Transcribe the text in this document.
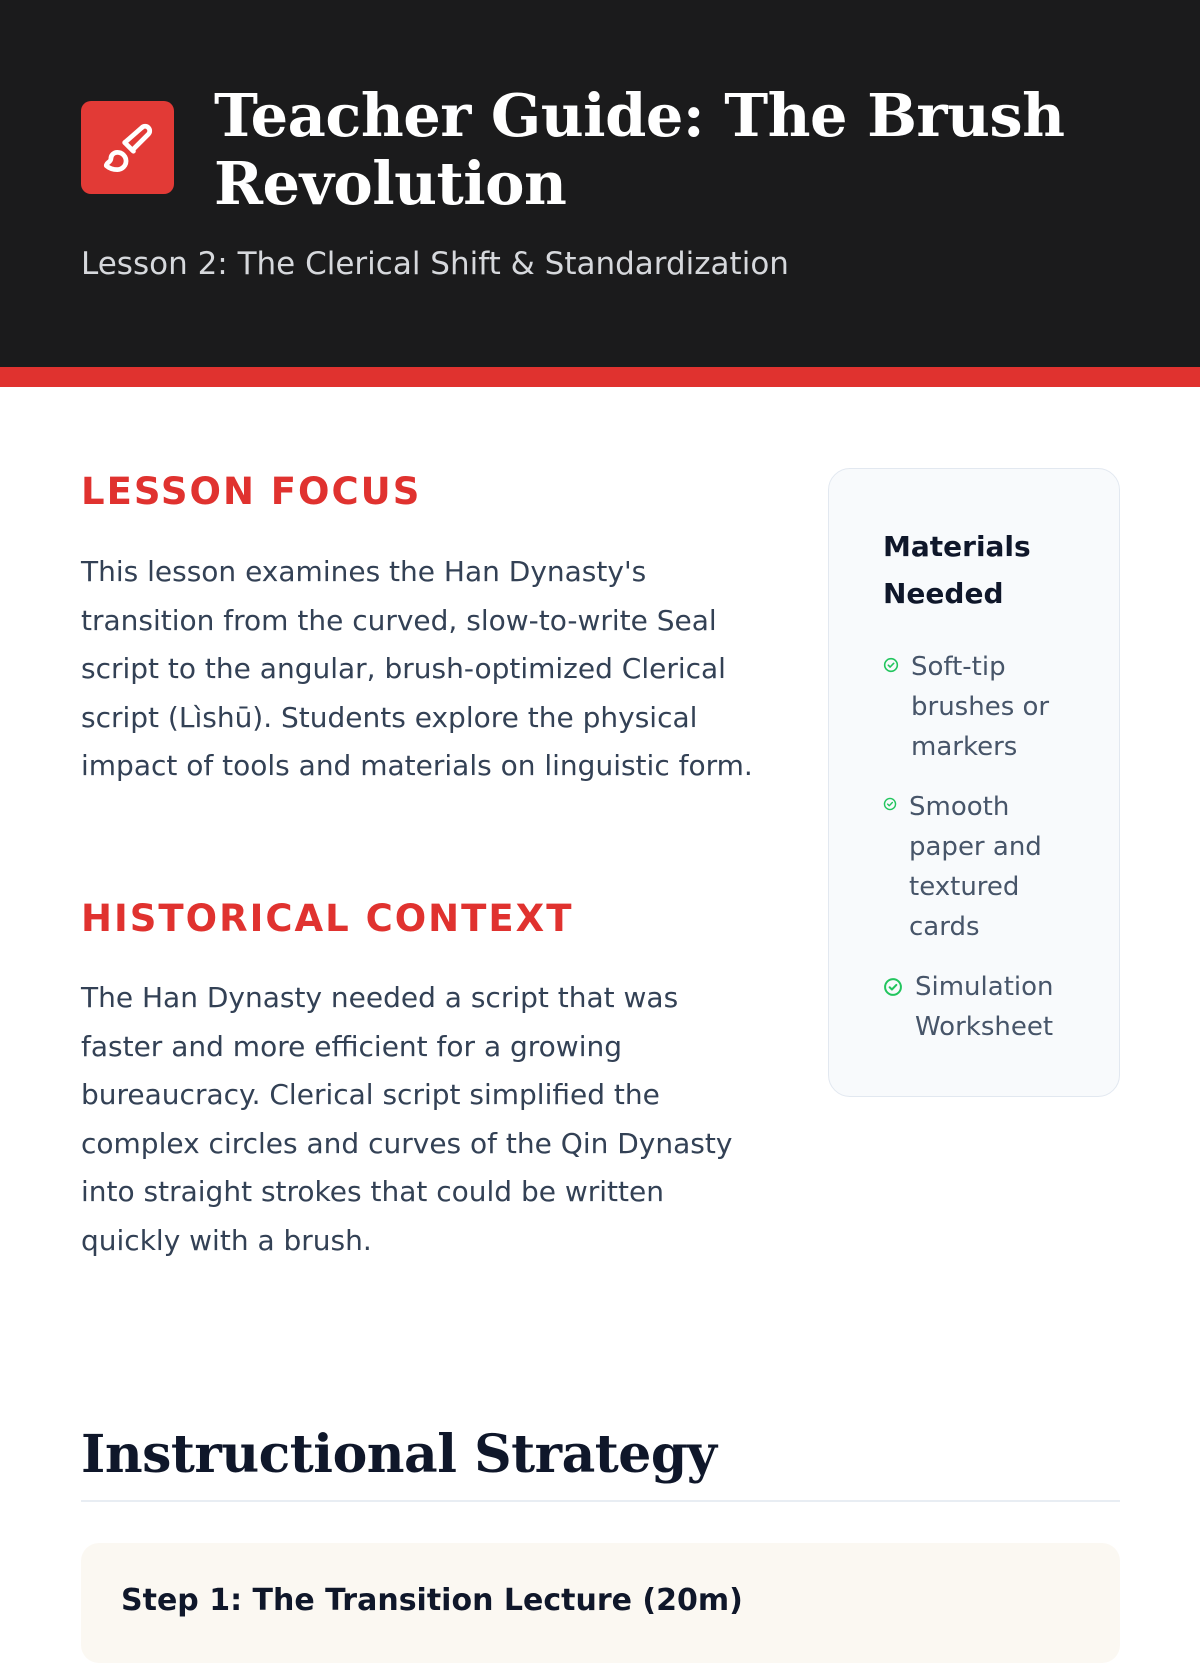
Teacher Guide: The Brush Revolution
Lesson 2: The Clerical Shift & Standardization
LESSON FOCUS

This lesson examines the Han Dynasty's transition from the curved, slow-to-write Seal script to the angular, brush-optimized Clerical script (Lìshū). Students explore the physical impact of tools and materials on linguistic form.

HISTORICAL CONTEXT

The Han Dynasty needed a script that was faster and more efficient for a growing bureaucracy. Clerical script simplified the complex circles and curves of the Qin Dynasty into straight strokes that could be written quickly with a brush.

Materials Needed
Soft-tip brushes or markers
Smooth paper and textured cards
Simulation Worksheet
Instructional Strategy
Step 1: The Transition Lecture (20m)
